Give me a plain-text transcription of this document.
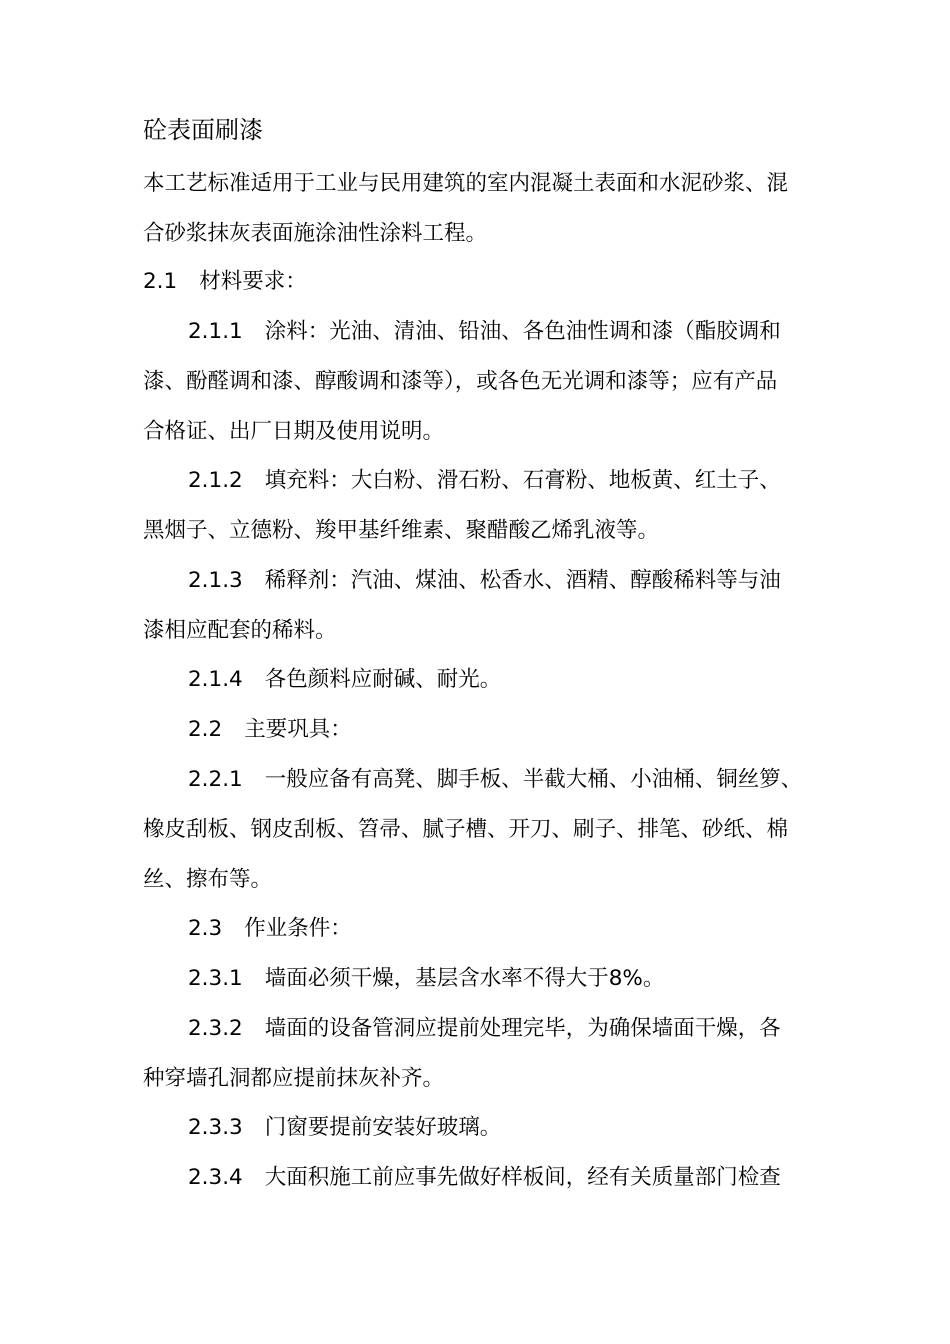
砼表面刷漆

本工艺标准适用于工业与民用建筑的室内混凝土表面和水泥砂浆、混

合砂浆抹灰表面施涂油性涂料工程。

2.1 材料要求：

2.1.1 涂料：光油、清油、铅油、各色油性调和漆（酯胶调和

漆、酚醛调和漆、醇酸调和漆等），或各色无光调和漆等；应有产品

合格证、出厂日期及使用说明。

2.1.2 填充料：大白粉、滑石粉、石膏粉、地板黄、红土子、

黑烟子、立德粉、羧甲基纤维素、聚醋酸乙烯乳液等。

2.1.3 稀释剂：汽油、煤油、松香水、酒精、醇酸稀料等与油

漆相应配套的稀料。

2.1.4 各色颜料应耐碱、耐光。

2.2 主要巩具：

2.2.1 一般应备有高凳、脚手板、半截大桶、小油桶、铜丝箩、

橡皮刮板、钢皮刮板、笤帚、腻子槽、开刀、刷子、排笔、砂纸、棉

丝、擦布等。

2.3 作业条件：

2.3.1 墙面必须干燥，基层含水率不得大于8%。

2.3.2 墙面的设备管洞应提前处理完毕，为确保墙面干燥，各

种穿墙孔洞都应提前抹灰补齐。

2.3.3 门窗要提前安装好玻璃。

2.3.4 大面积施工前应事先做好样板间，经有关质量部门检查
